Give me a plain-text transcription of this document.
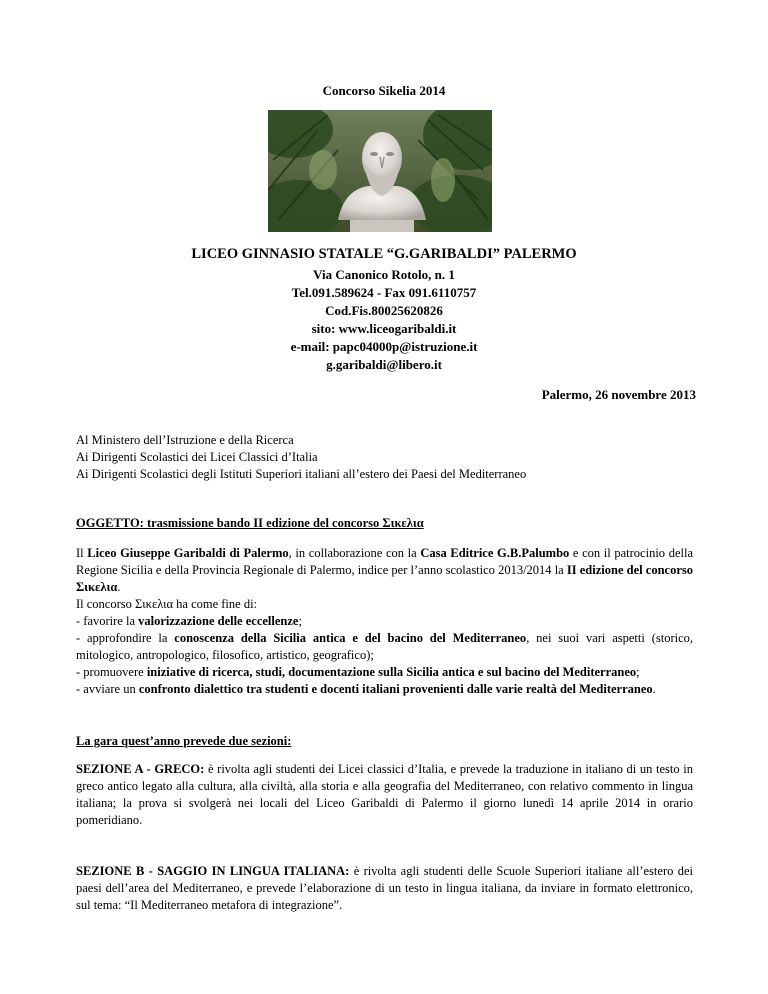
Concorso Sikelia 2014
LICEO GINNASIO STATALE “G.GARIBALDI” PALERMO
Via Canonico Rotolo, n. 1
Tel.091.589624 - Fax 091.6110757
Cod.Fis.80025620826
sito: www.liceogaribaldi.it
e-mail: papc04000p@istruzione.it
g.garibaldi@libero.it
Palermo, 26 novembre 2013
Al Ministero dell’Istruzione e della Ricerca
Ai Dirigenti Scolastici dei Licei Classici d’Italia
Ai Dirigenti Scolastici degli Istituti Superiori italiani all’estero dei Paesi del Mediterraneo
OGGETTO: trasmissione bando II edizione del concorso Σικελια

Il Liceo Giuseppe Garibaldi di Palermo, in collaborazione con la Casa Editrice G.B.Palumbo e con il patrocinio della Regione Sicilia e della Provincia Regionale di Palermo, indice per l’anno scolastico 2013/2014 la II edizione del concorso Σικελια.

Il concorso Σικελια ha come fine di:

- favorire la valorizzazione delle eccellenze;

- approfondire la conoscenza della Sicilia antica e del bacino del Mediterraneo, nei suoi vari aspetti (storico, mitologico, antropologico, filosofico, artistico, geografico);

- promuovere iniziative di ricerca, studi, documentazione sulla Sicilia antica e sul bacino del Mediterraneo;

- avviare un confronto dialettico tra studenti e docenti italiani provenienti dalle varie realtà del Mediterraneo.

La gara quest’anno prevede due sezioni:

SEZIONE A - GRECO: è rivolta agli studenti dei Licei classici d’Italia, e prevede la traduzione in italiano di un testo in greco antico legato alla cultura, alla civiltà, alla storia e alla geografia del Mediterraneo, con relativo commento in lingua italiana; la prova si svolgerà nei locali del Liceo Garibaldi di Palermo il giorno lunedì 14 aprile 2014 in orario pomeridiano.

SEZIONE B - SAGGIO IN LINGUA ITALIANA: è rivolta agli studenti delle Scuole Superiori italiane all’estero dei paesi dell’area del Mediterraneo, e prevede l’elaborazione di un testo in lingua italiana, da inviare in formato elettronico, sul tema: “Il Mediterraneo metafora di integrazione”.
